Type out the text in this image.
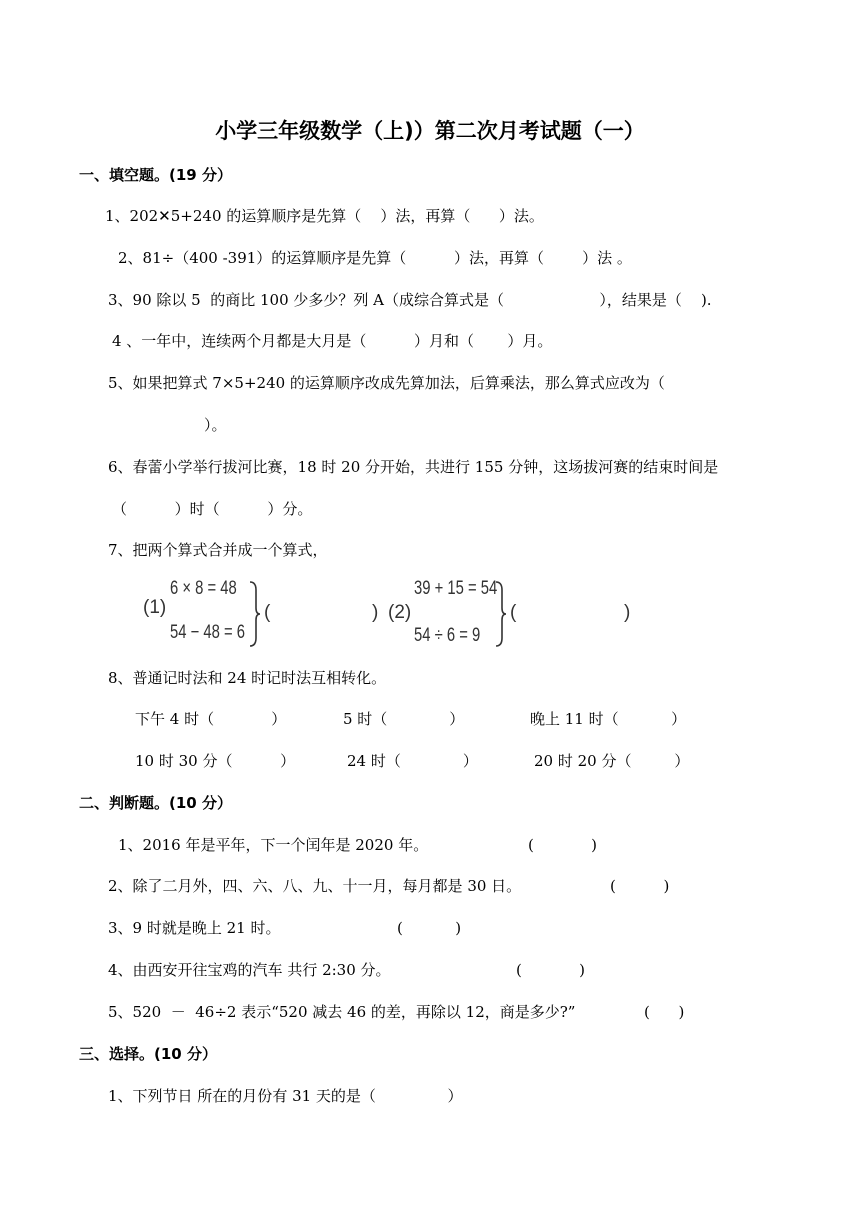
小学三年级数学（上)）第二次月考试题（一）
一、填空题。(19 分）
1、202✕5+240 的运算顺序是先算（    ）法，再算（      ）法。
2、81÷（400 -391）的运算顺序是先算（          ）法，再算（        ）法 。
3、90 除以 5  的商比 100 少多少？列 A（成综合算式是（                    ），结果是（    ).
4 、一年中，连续两个月都是大月是（          ）月和（       ）月。
5、如果把算式 7×5+240 的运算顺序改成先算加法，后算乘法，那么算式应改为（
）。
6、春蕾小学举行拔河比赛，18 时 20 分开始，共进行 155 分钟，这场拔河赛的结束时间是
（          ）时（          ）分。
7、把两个算式合并成一个算式，
(1)
6 × 8 = 48
54 − 48 = 6
(	) (2)
39 + 15 = 54
54 ÷ 6 = 9
(	)
8、普通记时法和 24 时记时法互相转化。
下午 4 时（            ）	5 时（             ）	晚上 11 时（           ）
10 时 30 分（          ）	24 时（             ）	20 时 20 分（         ）
二、判断题。(10 分）
1、2016 年是平年，下一个闰年是 2020 年。	(            )
2、除了二月外，四、六、八、九、十一月，每月都是 30 日。	(          )
3、9 时就是晚上 21 时。	(           )
4、由西安开往宝鸡的汽车 共行 2:30 分。	(            )
5、520  －  46÷2 表示“520 减去 46 的差，再除以 12，商是多少?”	(      )
三、选择。(10 分）
1、下列节日 所在的月份有 31 天的是（               ）
